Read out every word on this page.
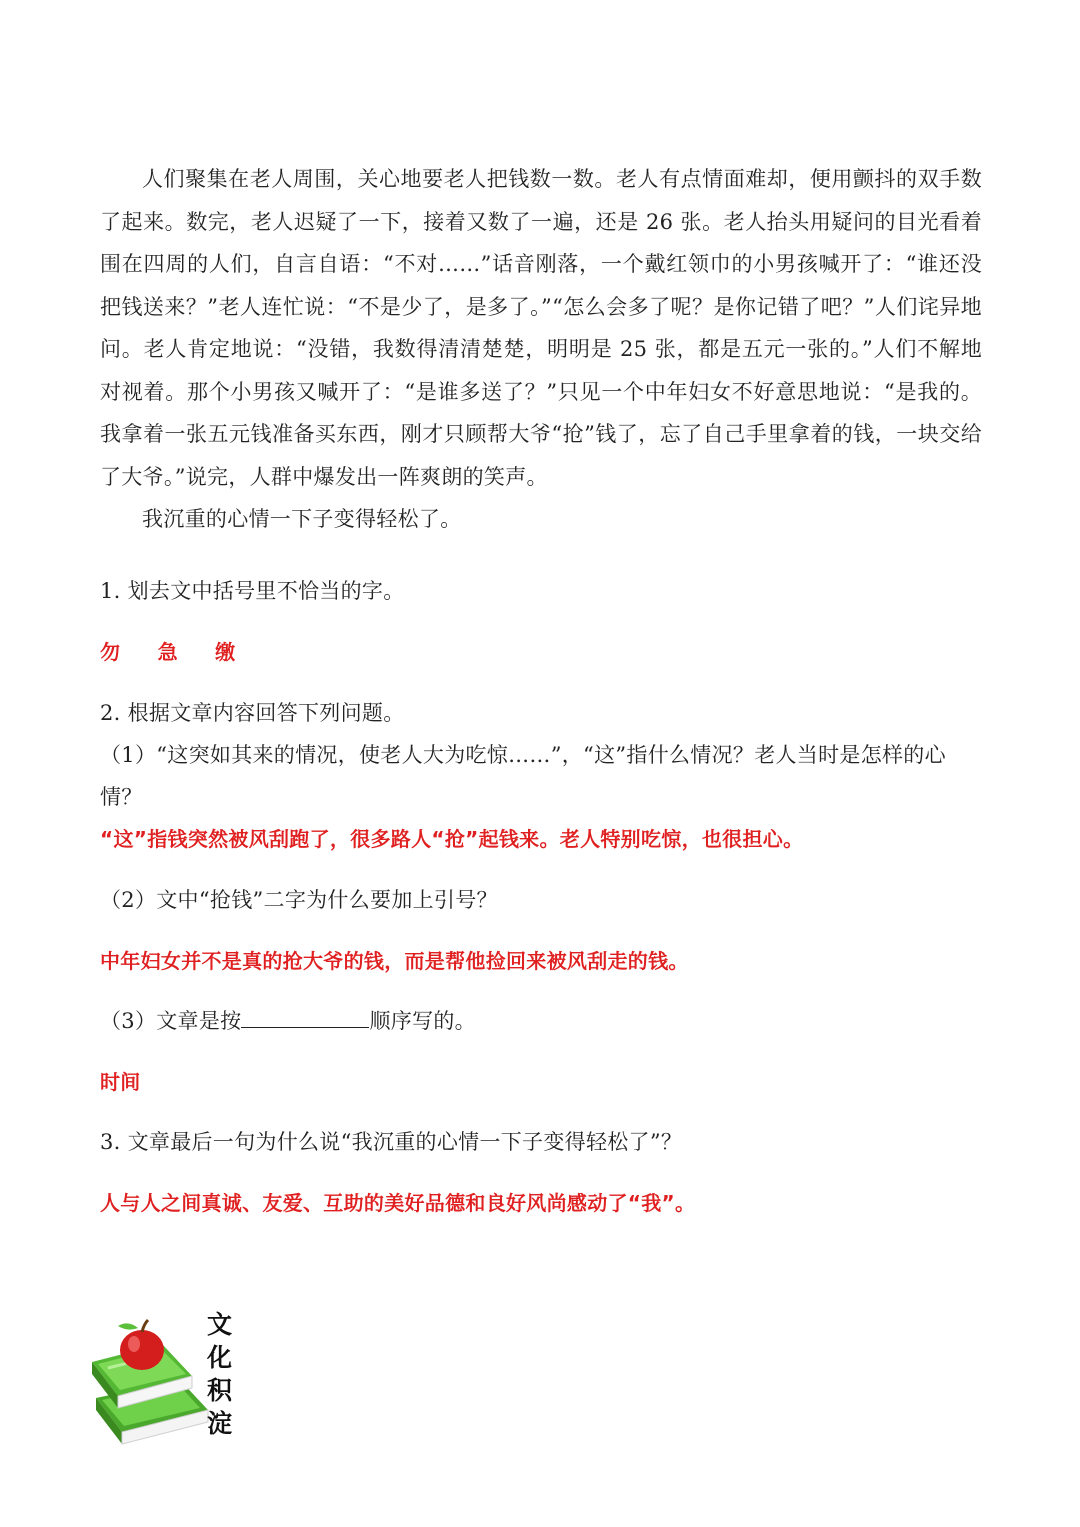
人们聚集在老人周围，关心地要老人把钱数一数。老人有点情面难却，便用颤抖的双手数了起来。数完，老人迟疑了一下，接着又数了一遍，还是 26 张。老人抬头用疑问的目光看着围在四周的人们，自言自语：“不对……”话音刚落，一个戴红领巾的小男孩喊开了：“谁还没把钱送来？”老人连忙说：“不是少了，是多了。”“怎么会多了呢？是你记错了吧？”人们诧异地问。老人肯定地说：“没错，我数得清清楚楚，明明是 25 张，都是五元一张的。”人们不解地对视着。那个小男孩又喊开了：“是谁多送了？”只见一个中年妇女不好意思地说：“是我的。我拿着一张五元钱准备买东西，刚才只顾帮大爷“抢”钱了，忘了自己手里拿着的钱，一块交给了大爷。”说完，人群中爆发出一阵爽朗的笑声。

我沉重的心情一下子变得轻松了。

1. 划去文中括号里不恰当的字。
勿 急 缴
2. 根据文章内容回答下列问题。
（1）“这突如其来的情况，使老人大为吃惊……”，“这”指什么情况？老人当时是怎样的心情？
“这”指钱突然被风刮跑了，很多路人“抢”起钱来。老人特别吃惊，也很担心。
（2）文中“抢钱”二字为什么要加上引号？
中年妇女并不是真的抢大爷的钱，而是帮他捡回来被风刮走的钱。
（3）文章是按	顺序写的。
时间
3. 文章最后一句为什么说“我沉重的心情一下子变得轻松了”？
人与人之间真诚、友爱、互助的美好品德和良好风尚感动了“我”。
文
化
积
淀
